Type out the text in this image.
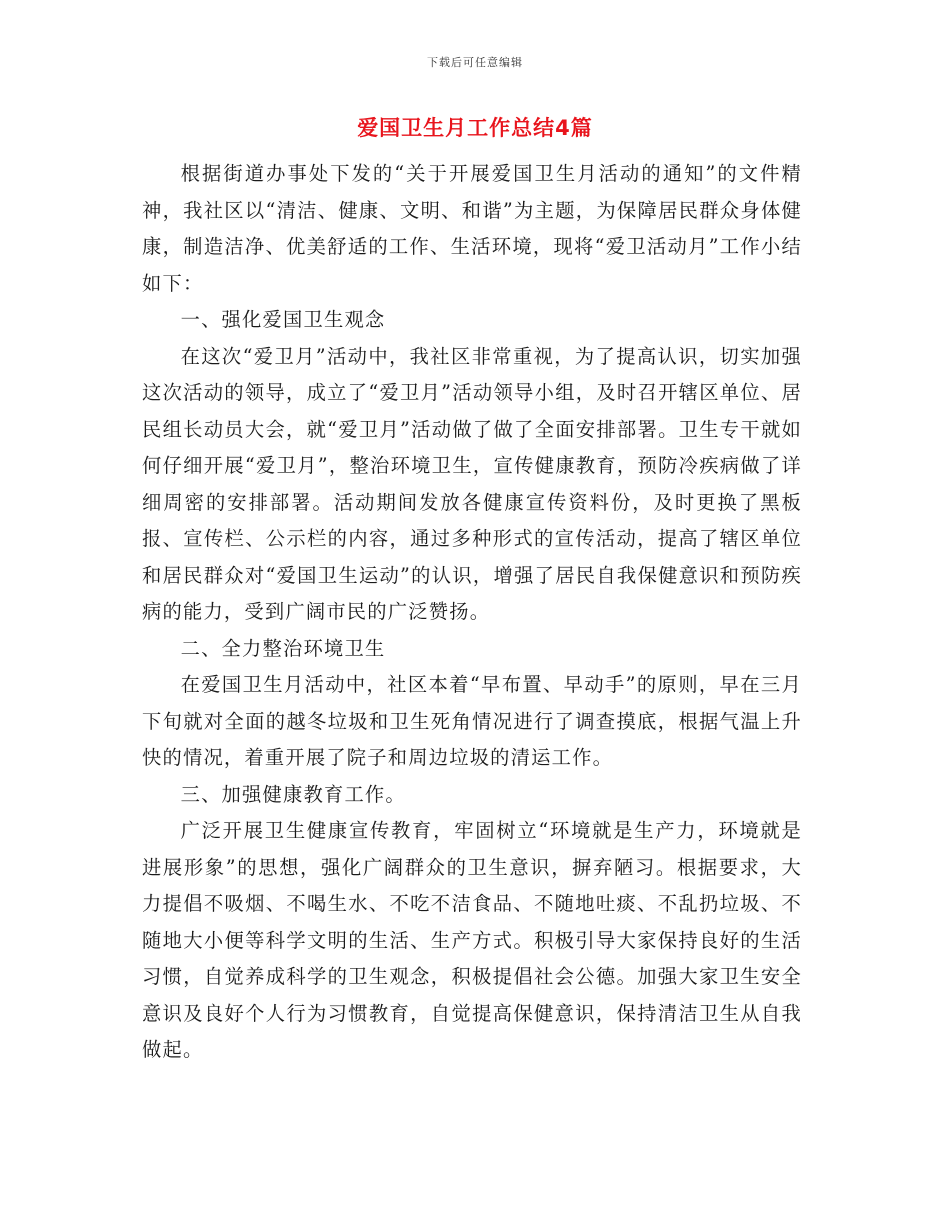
下载后可任意编辑
爱国卫生月工作总结4篇

根据街道办事处下发的“关于开展爱国卫生月活动的通知”的文件精神，我社区以“清洁、健康、文明、和谐”为主题，为保障居民群众身体健康，制造洁净、优美舒适的工作、生活环境，现将“爱卫活动月”工作小结如下：

一、强化爱国卫生观念

在这次“爱卫月”活动中，我社区非常重视，为了提高认识，切实加强这次活动的领导，成立了“爱卫月”活动领导小组，及时召开辖区单位、居民组长动员大会，就“爱卫月”活动做了做了全面安排部署。卫生专干就如何仔细开展“爱卫月”，整治环境卫生，宣传健康教育，预防冷疾病做了详细周密的安排部署。活动期间发放各健康宣传资料份，及时更换了黑板报、宣传栏、公示栏的内容，通过多种形式的宣传活动，提高了辖区单位和居民群众对“爱国卫生运动”的认识，增强了居民自我保健意识和预防疾病的能力，受到广阔市民的广泛赞扬。

二、全力整治环境卫生

在爱国卫生月活动中，社区本着“早布置、早动手”的原则，早在三月下旬就对全面的越冬垃圾和卫生死角情况进行了调查摸底，根据气温上升快的情况，着重开展了院子和周边垃圾的清运工作。

三、加强健康教育工作。

广泛开展卫生健康宣传教育，牢固树立“环境就是生产力，环境就是进展形象”的思想，强化广阔群众的卫生意识，摒弃陋习。根据要求，大力提倡不吸烟、不喝生水、不吃不洁食品、不随地吐痰、不乱扔垃圾、不随地大小便等科学文明的生活、生产方式。积极引导大家保持良好的生活习惯，自觉养成科学的卫生观念，积极提倡社会公德。加强大家卫生安全意识及良好个人行为习惯教育，自觉提高保健意识，保持清洁卫生从自我做起。
